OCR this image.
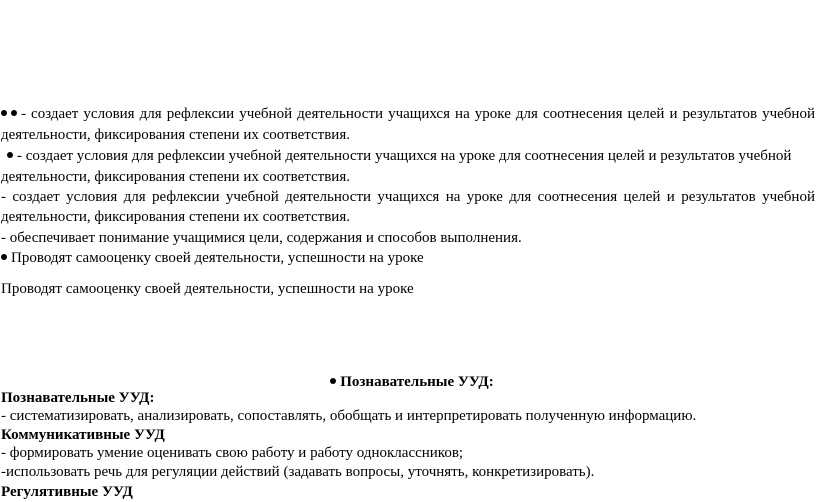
- создает условия для рефлексии учебной деятельности учащихся на уроке для соотнесения целей и результатов учебной
деятельности, фиксирования степени их соответствия.
- создает условия для рефлексии учебной деятельности учащихся на уроке для соотнесения целей и результатов учебной
деятельности, фиксирования степени их соответствия.
- создает условия для рефлексии учебной деятельности учащихся на уроке для соотнесения целей и результатов учебной
деятельности, фиксирования степени их соответствия.
- обеспечивает понимание учащимися цели, содержания и способов выполнения.
Проводят самооценку своей деятельности, успешности на уроке
Проводят самооценку своей деятельности, успешности на уроке
Познавательные УУД:
Познавательные УУД:
- систематизировать, анализировать, сопоставлять, обобщать и интерпретировать полученную информацию.
Коммуникативные УУД
- формировать умение оценивать свою работу и работу одноклассников;
-использовать речь для регуляции действий (задавать вопросы, уточнять, конкретизировать).
Регулятивные УУД
